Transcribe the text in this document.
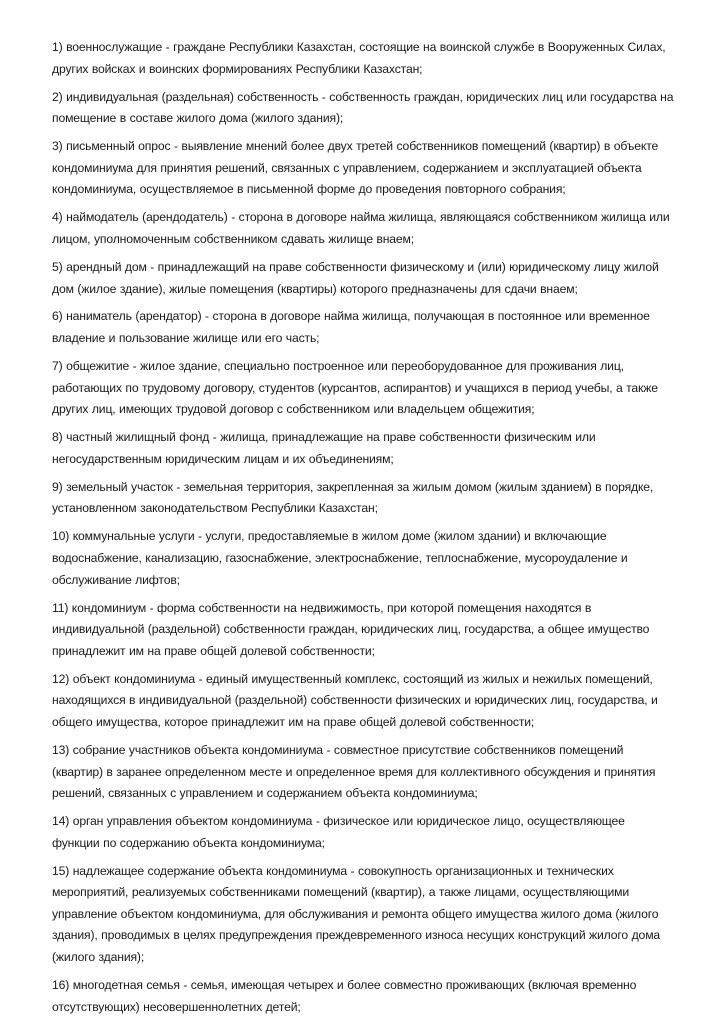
1) военнослужащие - граждане Республики Казахстан, состоящие на воинской службе в Вооруженных Силах, других войсках и воинских формированиях Республики Казахстан;

2) индивидуальная (раздельная) собственность - собственность граждан, юридических лиц или государства на помещение в составе жилого дома (жилого здания);

3) письменный опрос - выявление мнений более двух третей собственников помещений (квартир) в объекте кондоминиума для принятия решений, связанных с управлением, содержанием и эксплуатацией объекта кондоминиума, осуществляемое в письменной форме до проведения повторного собрания;

4) наймодатель (арендодатель) - сторона в договоре найма жилища, являющаяся собственником жилища или лицом, уполномоченным собственником сдавать жилище внаем;

5) арендный дом - принадлежащий на праве собственности физическому и (или) юридическому лицу жилой дом (жилое здание), жилые помещения (квартиры) которого предназначены для сдачи внаем;

6) наниматель (арендатор) - сторона в договоре найма жилища, получающая в постоянное или временное владение и пользование жилище или его часть;

7) общежитие - жилое здание, специально построенное или переоборудованное для проживания лиц, работающих по трудовому договору, студентов (курсантов, аспирантов) и учащихся в период учебы, а также других лиц, имеющих трудовой договор с собственником или владельцем общежития;

8) частный жилищный фонд - жилища, принадлежащие на праве собственности физическим или негосударственным юридическим лицам и их объединениям;

9) земельный участок - земельная территория, закрепленная за жилым домом (жилым зданием) в порядке, установленном законодательством Республики Казахстан;

10) коммунальные услуги - услуги, предоставляемые в жилом доме (жилом здании) и включающие водоснабжение, канализацию, газоснабжение, электроснабжение, теплоснабжение, мусороудаление и обслуживание лифтов;

11) кондоминиум - форма собственности на недвижимость, при которой помещения находятся в индивидуальной (раздельной) собственности граждан, юридических лиц, государства, а общее имущество принадлежит им на праве общей долевой собственности;

12) объект кондоминиума - единый имущественный комплекс, состоящий из жилых и нежилых помещений, находящихся в индивидуальной (раздельной) собственности физических и юридических лиц, государства, и общего имущества, которое принадлежит им на праве общей долевой собственности;

13) собрание участников объекта кондоминиума - совместное присутствие собственников помещений (квартир) в заранее определенном месте и определенное время для коллективного обсуждения и принятия решений, связанных с управлением и содержанием объекта кондоминиума;

14) орган управления объектом кондоминиума - физическое или юридическое лицо, осуществляющее функции по содержанию объекта кондоминиума;

15) надлежащее содержание объекта кондоминиума - совокупность организационных и технических мероприятий, реализуемых собственниками помещений (квартир), а также лицами, осуществляющими управление объектом кондоминиума, для обслуживания и ремонта общего имущества жилого дома (жилого здания), проводимых в целях предупреждения преждевременного износа несущих конструкций жилого дома (жилого здания);

16) многодетная семья - семья, имеющая четырех и более совместно проживающих (включая временно отсутствующих) несовершеннолетних детей;
